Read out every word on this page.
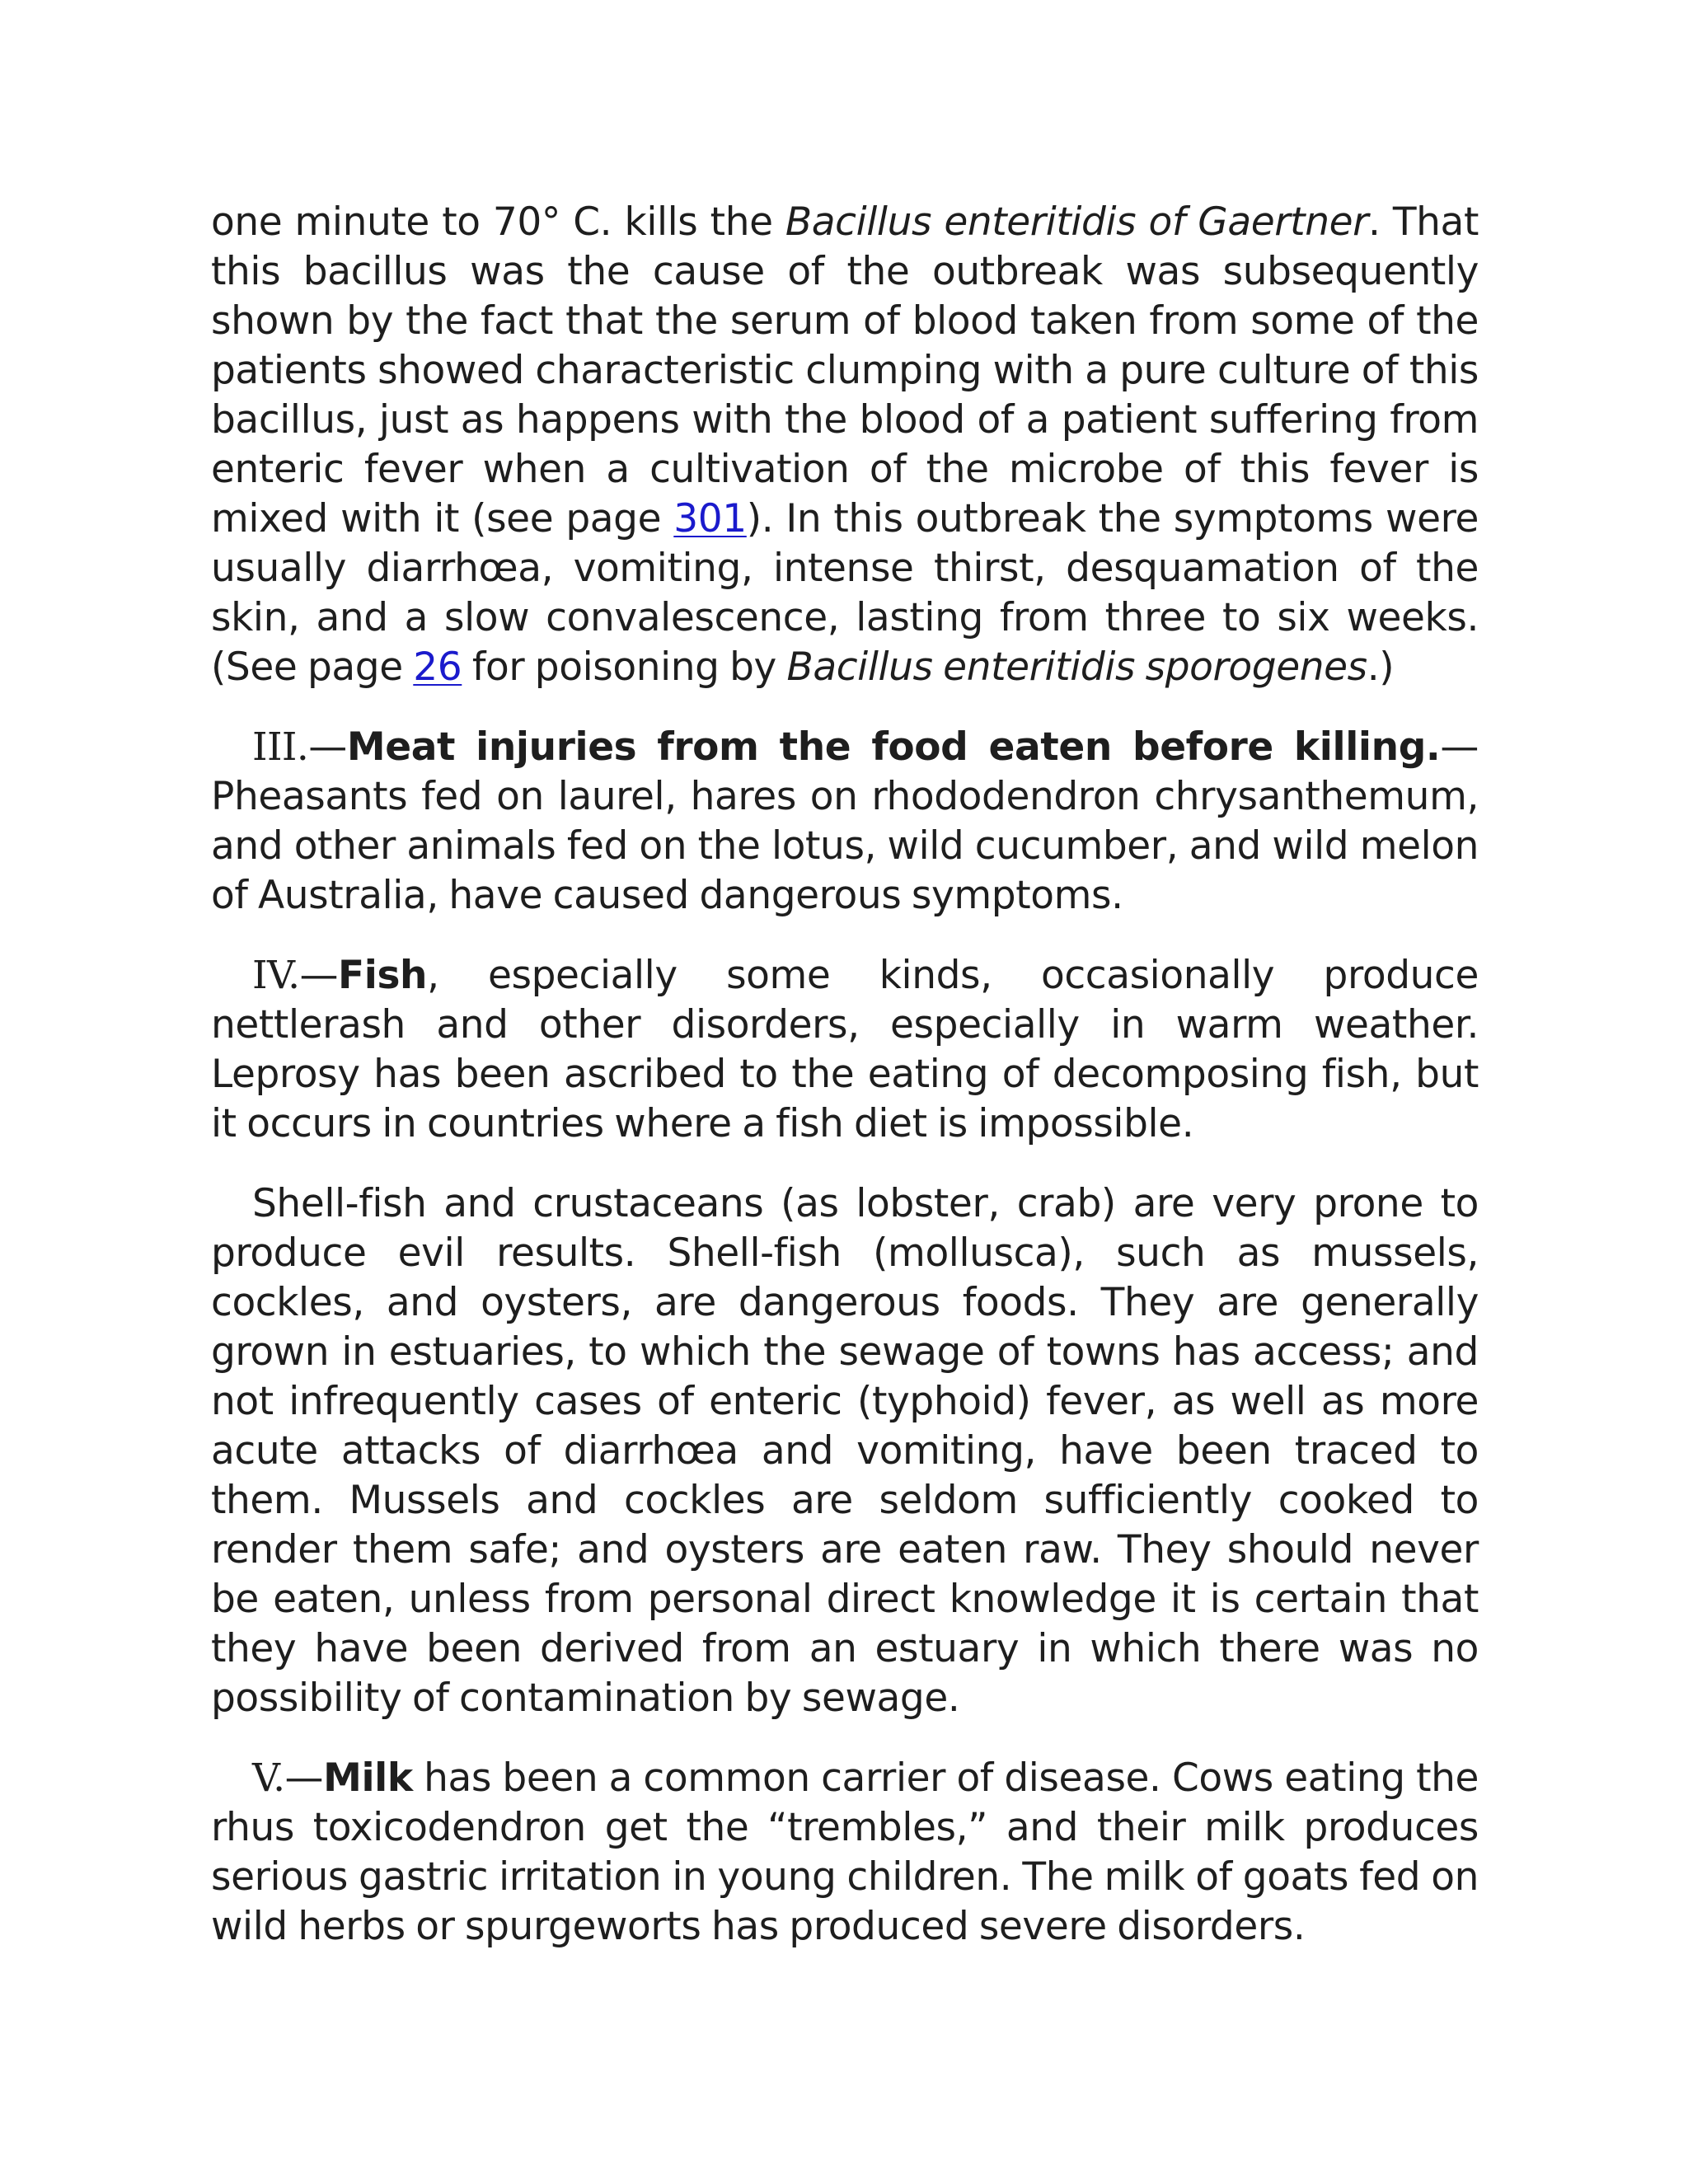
one minute to 70° C. kills the Bacillus enteritidis of Gaertner. That this bacillus was the cause of the outbreak was subsequently shown by the fact that the serum of blood taken from some of the patients showed characteristic clumping with a pure culture of this bacillus, just as happens with the blood of a patient suffering from enteric fever when a cultivation of the microbe of this fever is mixed with it (see page 301). In this outbreak the symptoms were usually diarrhœa, vomiting, intense thirst, desquamation of the skin, and a slow convalescence, lasting from three to six weeks. (See page 26 for poisoning by Bacillus enteritidis sporogenes.)

III.—Meat injuries from the food eaten before killing.— Pheasants fed on laurel, hares on rhododendron chrysanthemum, and other animals fed on the lotus, wild cucumber, and wild melon of Australia, have caused dangerous symptoms.

IV.—Fish, especially some kinds, occasionally produce nettlerash and other disorders, especially in warm weather. Leprosy has been ascribed to the eating of decomposing fish, but it occurs in countries where a fish diet is impossible.

Shell-fish and crustaceans (as lobster, crab) are very prone to produce evil results. Shell-fish (mollusca), such as mussels, cockles, and oysters, are dangerous foods. They are generally grown in estuaries, to which the sewage of towns has access; and not infrequently cases of enteric (typhoid) fever, as well as more acute attacks of diarrhœa and vomiting, have been traced to them. Mussels and cockles are seldom sufficiently cooked to render them safe; and oysters are eaten raw. They should never be eaten, unless from personal direct knowledge it is certain that they have been derived from an estuary in which there was no possibility of contamination by sewage.

V.—Milk has been a common carrier of disease. Cows eating the rhus toxicodendron get the “trembles,” and their milk produces serious gastric irritation in young children. The milk of goats fed on wild herbs or spurgeworts has produced severe disorders.
